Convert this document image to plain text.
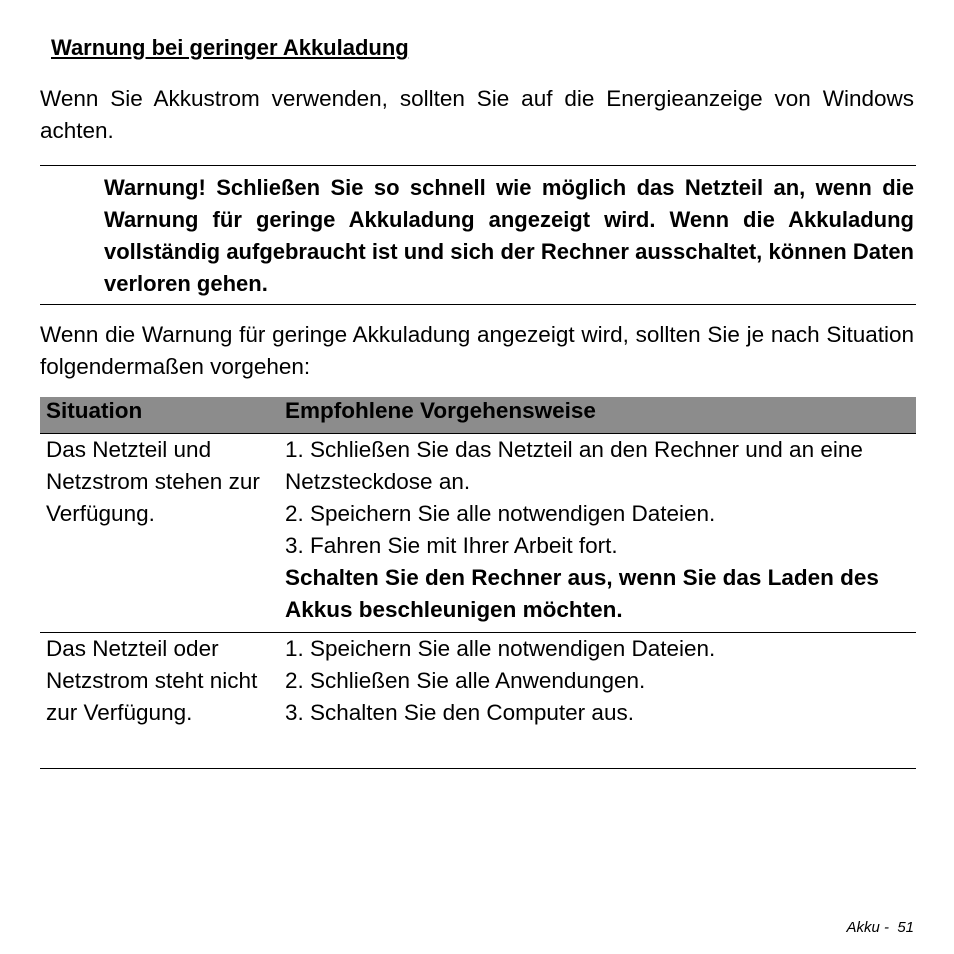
Warnung bei geringer Akkuladung

Wenn Sie Akkustrom verwenden, sollten Sie auf die Energieanzeige von Windows achten.

Warnung! Schließen Sie so schnell wie möglich das Netzteil an, wenn die Warnung für geringe Akkuladung angezeigt wird. Wenn die Akkuladung vollständig aufgebraucht ist und sich der Rechner ausschaltet, können Daten verloren gehen.

Wenn die Warnung für geringe Akkuladung angezeigt wird, sollten Sie je nach Situation folgendermaßen vorgehen:

Situation	Empfohlene Vorgehensweise
Das Netzteil und Netzstrom stehen zur Verfügung.	1. Schließen Sie das Netzteil an den Rechner und an eine Netzsteckdose an.
2. Speichern Sie alle notwendigen Dateien.
3. Fahren Sie mit Ihrer Arbeit fort.
Schalten Sie den Rechner aus, wenn Sie das Laden des Akkus beschleunigen möchten.

Das Netzteil oder Netzstrom steht nicht zur Verfügung.	1. Speichern Sie alle notwendigen Dateien.
2. Schließen Sie alle Anwendungen.
3. Schalten Sie den Computer aus.

Akku - 51
